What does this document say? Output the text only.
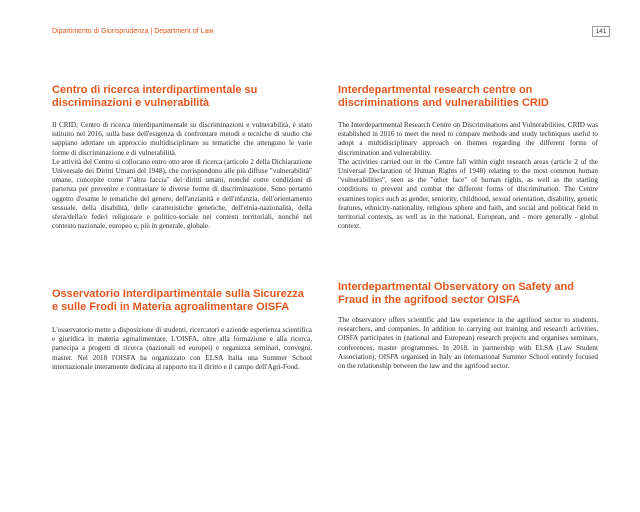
Dipartimento di Giurisprudenza | Department of Law	141
Centro di ricerca interdipartimentale su discriminazioni e vulnerabilità

Il CRID, Centro di ricerca interdipartimentale su discriminazioni e vulnerabilità, è stato istituito nel 2016, sulla base dell'esigenza di confrontare metodi e tecniche di studio che sappiano adottare un approccio multidisciplinare su tematiche che attengono le varie forme di discriminazione e di vulnerabilità.

Le attività del Centro si collocano entro otto aree di ricerca (articolo 2 della Dichiarazione Universale dei Diritti Umani del 1948), che corrispondono alle più diffuse "vulnerabilità" umane, concepite come l'"altra faccia" dei diritti umani, nonché come condizioni di partenza per prevenire e contrastare le diverse forme di discriminazione. Sono pertanto oggetto d'esame le tematiche del genere, dell'anzianità e dell'infanzia, dell'orientamento sessuale, della disabilità, delle caratteristiche genetiche, dell'etnia-nazionalità, della sfera/della/e fede/i religiosa/e e politico-sociale nei contesti territoriali, nonché nel contesto nazionale, europeo e, più in generale, globale.

Osservatorio Interdipartimentale sulla Sicurezza e sulle Frodi in Materia agroalimentare OISFA

L'osservatorio mette a disposizione di studenti, ricercatori e aziende esperienza scientifica e giuridica in materia agroalimentare. L'OISFA, oltre alla formazione e alla ricerca, partecipa a progetti di ricerca (nazionali ed europei) e organizza seminari, convegni, master. Nel 2018 l'OISFA ha organizzato con ELSA Italia una Summer School internazionale interamente dedicata al rapporto tra il diritto e il campo dell'Agri-Food.

Interdepartmental research centre on discriminations and vulnerabilities CRID

The Interdepartmental Research Centre on Discriminations and Vulnerabilities, CRID was established in 2016 to meet the need to compare methods and study techniques useful to adopt a multidisciplinary approach on themes regarding the different forms of discrimination and vulnerability.

The activities carried out in the Centre fall within eight research areas (article 2 of the Universal Declaration of Human Rights of 1948) relating to the most common human "vulnerabilities", seen as the "other face" of human rights, as well as the starting conditions to prevent and combat the different forms of discrimination. The Centre examines topics such as gender, seniority, childhood, sexual orientation, disability, genetic features, ethnicity-nationality, religious sphere and faith, and social and political field in territorial contexts, as well as in the national, European, and - more generally - global context.

Interdepartmental Observatory on Safety and Fraud in the agrifood sector OISFA

The observatory offers scientific and law experience in the agrifood sector to students, researchers, and companies. In addition to carrying out training and research activities, OISFA participates in (national and European) research projects and organises seminars, conferences, master programmes. In 2018, in partnership with ELSA (Law Student Association), OISFA organised in Italy an international Summer School entirely focused on the relationship between the law and the agrifood sector.
